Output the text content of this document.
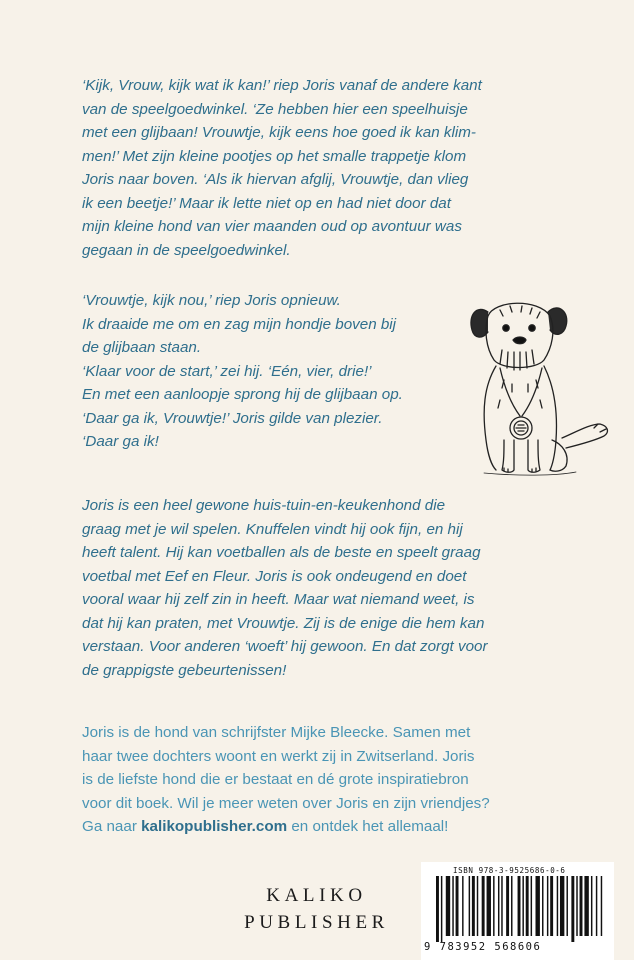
‘Kijk, Vrouw, kijk wat ik kan!’ riep Joris vanaf de andere kant
van de speelgoedwinkel. ‘Ze hebben hier een speelhuisje
met een glijbaan! Vrouwtje, kijk eens hoe goed ik kan klim-
men!’ Met zijn kleine pootjes op het smalle trappetje klom
Joris naar boven. ‘Als ik hiervan afglij, Vrouwtje, dan vlieg
ik een beetje!’ Maar ik lette niet op en had niet door dat
mijn kleine hond van vier maanden oud op avontuur was
gegaan in de speelgoedwinkel.
‘Vrouwtje, kijk nou,’ riep Joris opnieuw.
Ik draaide me om en zag mijn hondje boven bij
de glijbaan staan.
‘Klaar voor de start,’ zei hij. ‘Eén, vier, drie!’
En met een aanloopje sprong hij de glijbaan op.
‘Daar ga ik, Vrouwtje!’ Joris gilde van plezier.
‘Daar ga ik!
Joris is een heel gewone huis-tuin-en-keukenhond die
graag met je wil spelen. Knuffelen vindt hij ook fijn, en hij
heeft talent. Hij kan voetballen als de beste en speelt graag
voetbal met Eef en Fleur. Joris is ook ondeugend en doet
vooral waar hij zelf zin in heeft. Maar wat niemand weet, is
dat hij kan praten, met Vrouwtje. Zij is de enige die hem kan
verstaan. Voor anderen ‘woeft’ hij gewoon. En dat zorgt voor
de grappigste gebeurtenissen!
Joris is de hond van schrijfster Mijke Bleecke. Samen met
haar twee dochters woont en werkt zij in Zwitserland. Joris
is de liefste hond die er bestaat en dé grote inspiratiebron
voor dit boek. Wil je meer weten over Joris en zijn vriendjes?
Ga naar kalikopublisher.com en ontdek het allemaal!
KALIKO
PUBLISHER
ISBN 978-3-9525686-0-6
9 783952 568606
